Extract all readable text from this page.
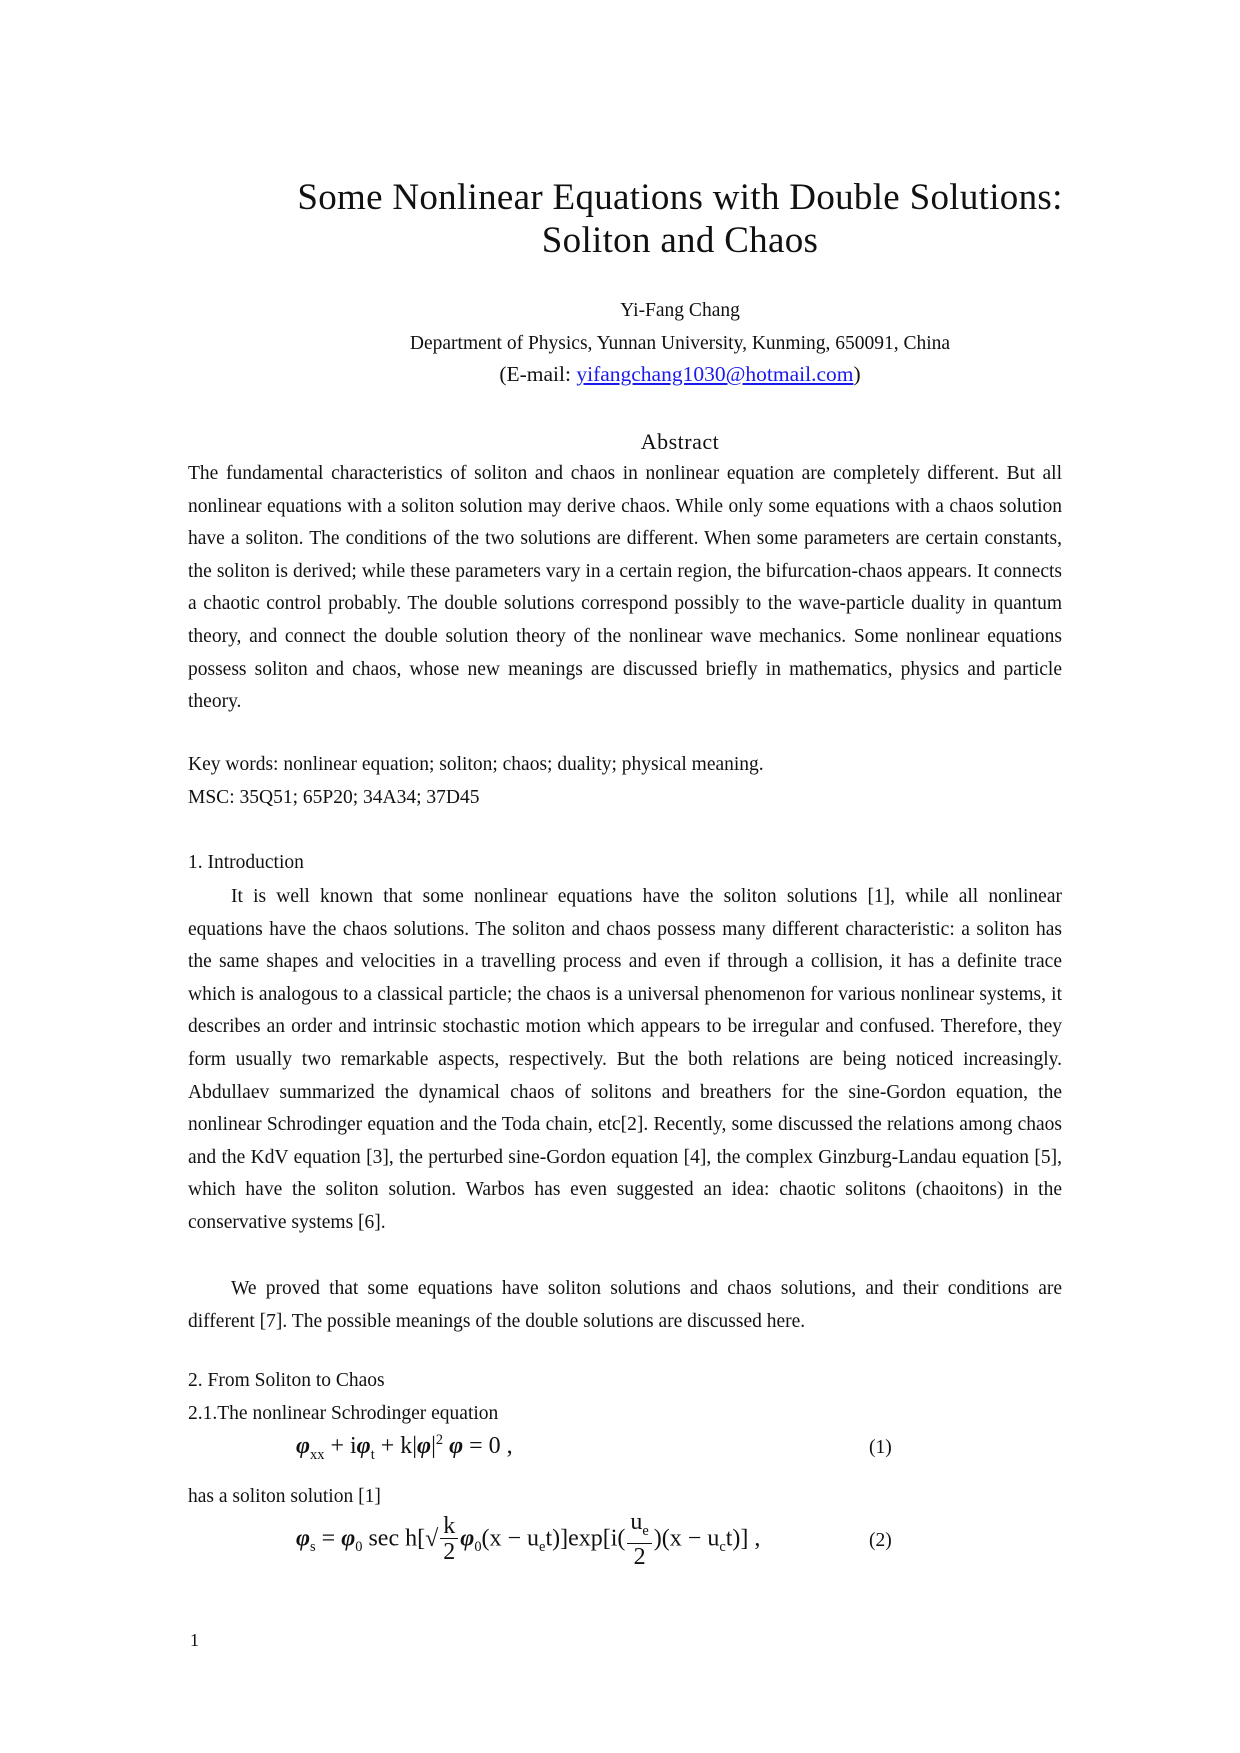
Some Nonlinear Equations with Double Solutions:
Soliton and Chaos
Yi-Fang Chang
Department of Physics, Yunnan University, Kunming, 650091, China
(E-mail: yifangchang1030@hotmail.com)
Abstract
The fundamental characteristics of soliton and chaos in nonlinear equation are completely different. But all nonlinear equations with a soliton solution may derive chaos. While only some equations with a chaos solution have a soliton. The conditions of the two solutions are different. When some parameters are certain constants, the soliton is derived; while these parameters vary in a certain region, the bifurcation-chaos appears. It connects a chaotic control probably. The double solutions correspond possibly to the wave-particle duality in quantum theory, and connect the double solution theory of the nonlinear wave mechanics. Some nonlinear equations possess soliton and chaos, whose new meanings are discussed briefly in mathematics, physics and particle theory.
Key words: nonlinear equation; soliton; chaos; duality; physical meaning.
MSC: 35Q51; 65P20; 34A34; 37D45
1. Introduction
It is well known that some nonlinear equations have the soliton solutions [1], while all nonlinear equations have the chaos solutions. The soliton and chaos possess many different characteristic: a soliton has the same shapes and velocities in a travelling process and even if through a collision, it has a definite trace which is analogous to a classical particle; the chaos is a universal phenomenon for various nonlinear systems, it describes an order and intrinsic stochastic motion which appears to be irregular and confused. Therefore, they form usually two remarkable aspects, respectively. But the both relations are being noticed increasingly. Abdullaev summarized the dynamical chaos of solitons and breathers for the sine-Gordon equation, the nonlinear Schrodinger equation and the Toda chain, etc[2]. Recently, some discussed the relations among chaos and the KdV equation [3], the perturbed sine-Gordon equation [4], the complex Ginzburg-Landau equation [5], which have the soliton solution. Warbos has even suggested an idea: chaotic solitons (chaoitons) in the conservative systems [6].
We proved that some equations have soliton solutions and chaos solutions, and their conditions are different [7]. The possible meanings of the double solutions are discussed here.
2. From Soliton to Chaos
2.1.The nonlinear Schrodinger equation
$\varphi_{xx} + i\varphi_t + k|\varphi|^2$ φ = 0 ,	(1)
has a soliton solution [1]
$\varphi_s = \varphi_0$ $\sec h[√ \frac{k}{2} \varphi_0(x - u_et)]\exp[i( \frac{u_e}{2} )(x - u_ct)]$ ,	(2)
1
